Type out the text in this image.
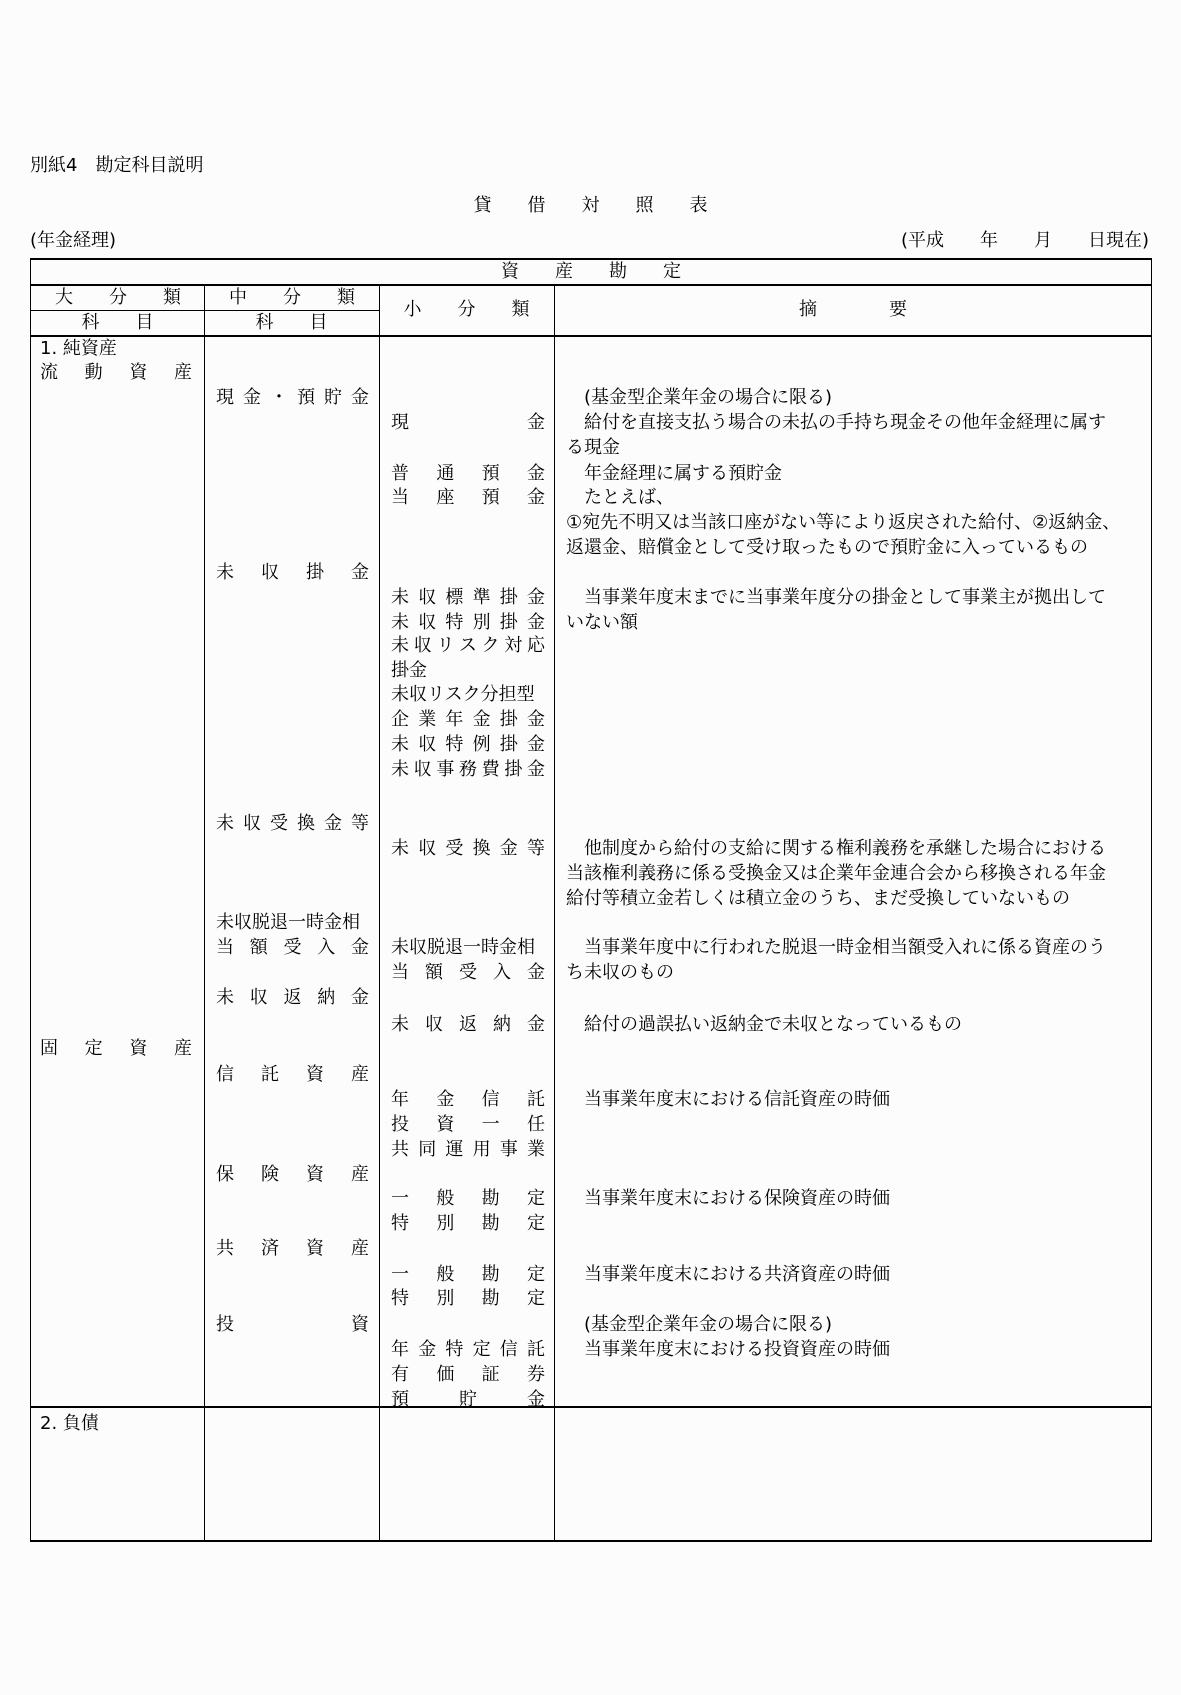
別紙4　勘定科目説明
貸　　借　　対　　照　　表
(年金経理)	(平成　　年　　月　　日現在)
資　　産　　勘　　定
大　　分　　類
科　　目
中　　分　　類
科　　目
小　　分　　類	摘　　　　要
1. 純資産
流　動　資　産
固　定　資　産
2. 負債
現金・預貯金
未収掛金
未収受換金等
未収脱退一時金相
当額受入金
未収返納金
信託資産
保険資産
共済資産
投資
現金
普通預金
当座預金
未収標準掛金
未収特別掛金
未収リスク対応
掛金
未収リスク分担型
企業年金掛金
未収特例掛金
未収事務費掛金
未収受換金等
未収脱退一時金相
当額受入金
未収返納金
年金信託
投資一任
共同運用事業
一般勘定
特別勘定
一般勘定
特別勘定
年金特定信託
有価証券
預貯金
　(基金型企業年金の場合に限る)
　給付を直接支払う場合の未払の手持ち現金その他年金経理に属す
る現金
　年金経理に属する預貯金
　たとえば、
①宛先不明又は当該口座がない等により返戻された給付、②返納金、
返還金、賠償金として受け取ったもので預貯金に入っているもの
　当事業年度末までに当事業年度分の掛金として事業主が拠出して
いない額
　他制度から給付の支給に関する権利義務を承継した場合における
当該権利義務に係る受換金又は企業年金連合会から移換される年金
給付等積立金若しくは積立金のうち、まだ受換していないもの
　当事業年度中に行われた脱退一時金相当額受入れに係る資産のう
ち未収のもの
　給付の過誤払い返納金で未収となっているもの
　当事業年度末における信託資産の時価
　当事業年度末における保険資産の時価
　当事業年度末における共済資産の時価
　(基金型企業年金の場合に限る)
　当事業年度末における投資資産の時価
